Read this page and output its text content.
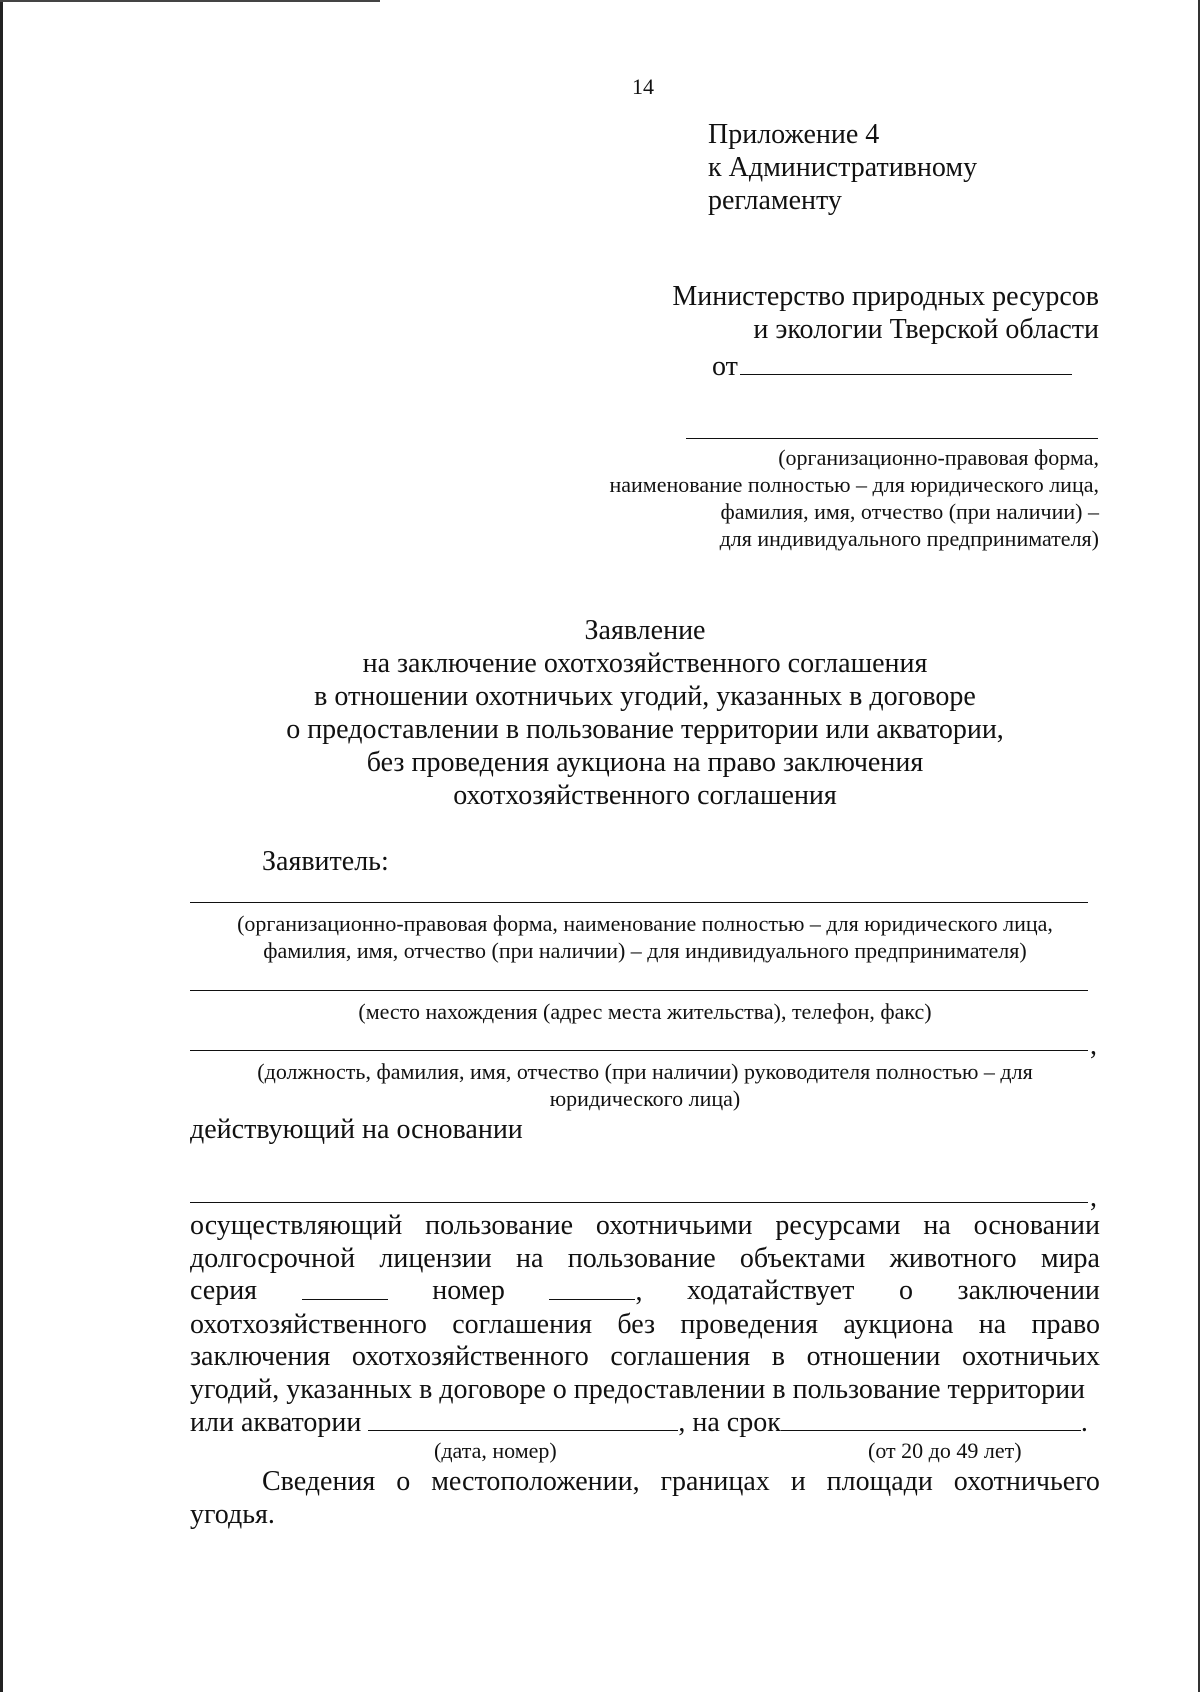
14
Приложение 4
к Административному
регламенту
Министерство природных ресурсов
и экологии Тверской области
от
(организационно-правовая форма,
наименование полностью – для юридического лица,
фамилия, имя, отчество (при наличии) –
для индивидуального предпринимателя)
Заявление
на заключение охотхозяйственного соглашения
в отношении охотничьих угодий, указанных в договоре
о предоставлении в пользование территории или акватории,
без проведения аукциона на право заключения
охотхозяйственного соглашения
Заявитель:
(организационно-правовая форма, наименование полностью – для юридического лица,
фамилия, имя, отчество (при наличии) – для индивидуального предпринимателя)
(место нахождения (адрес места жительства), телефон, факс)
,
(должность, фамилия, имя, отчество (при наличии) руководителя полностью – для
юридического лица)
действующий на основании
,
осуществляющий пользование охотничьими ресурсами на основании
долгосрочной лицензии на пользование объектами животного мира
серия	номер	, ходатайствует о заключении
охотхозяйственного соглашения без проведения аукциона на право
заключения охотхозяйственного соглашения в отношении охотничьих
угодий, указанных в договоре о предоставлении в пользование территории
или акватории	, на срок	.
(дата, номер)	(от 20 до 49 лет)
Сведения о местоположении, границах и площади охотничьего
угодья.
